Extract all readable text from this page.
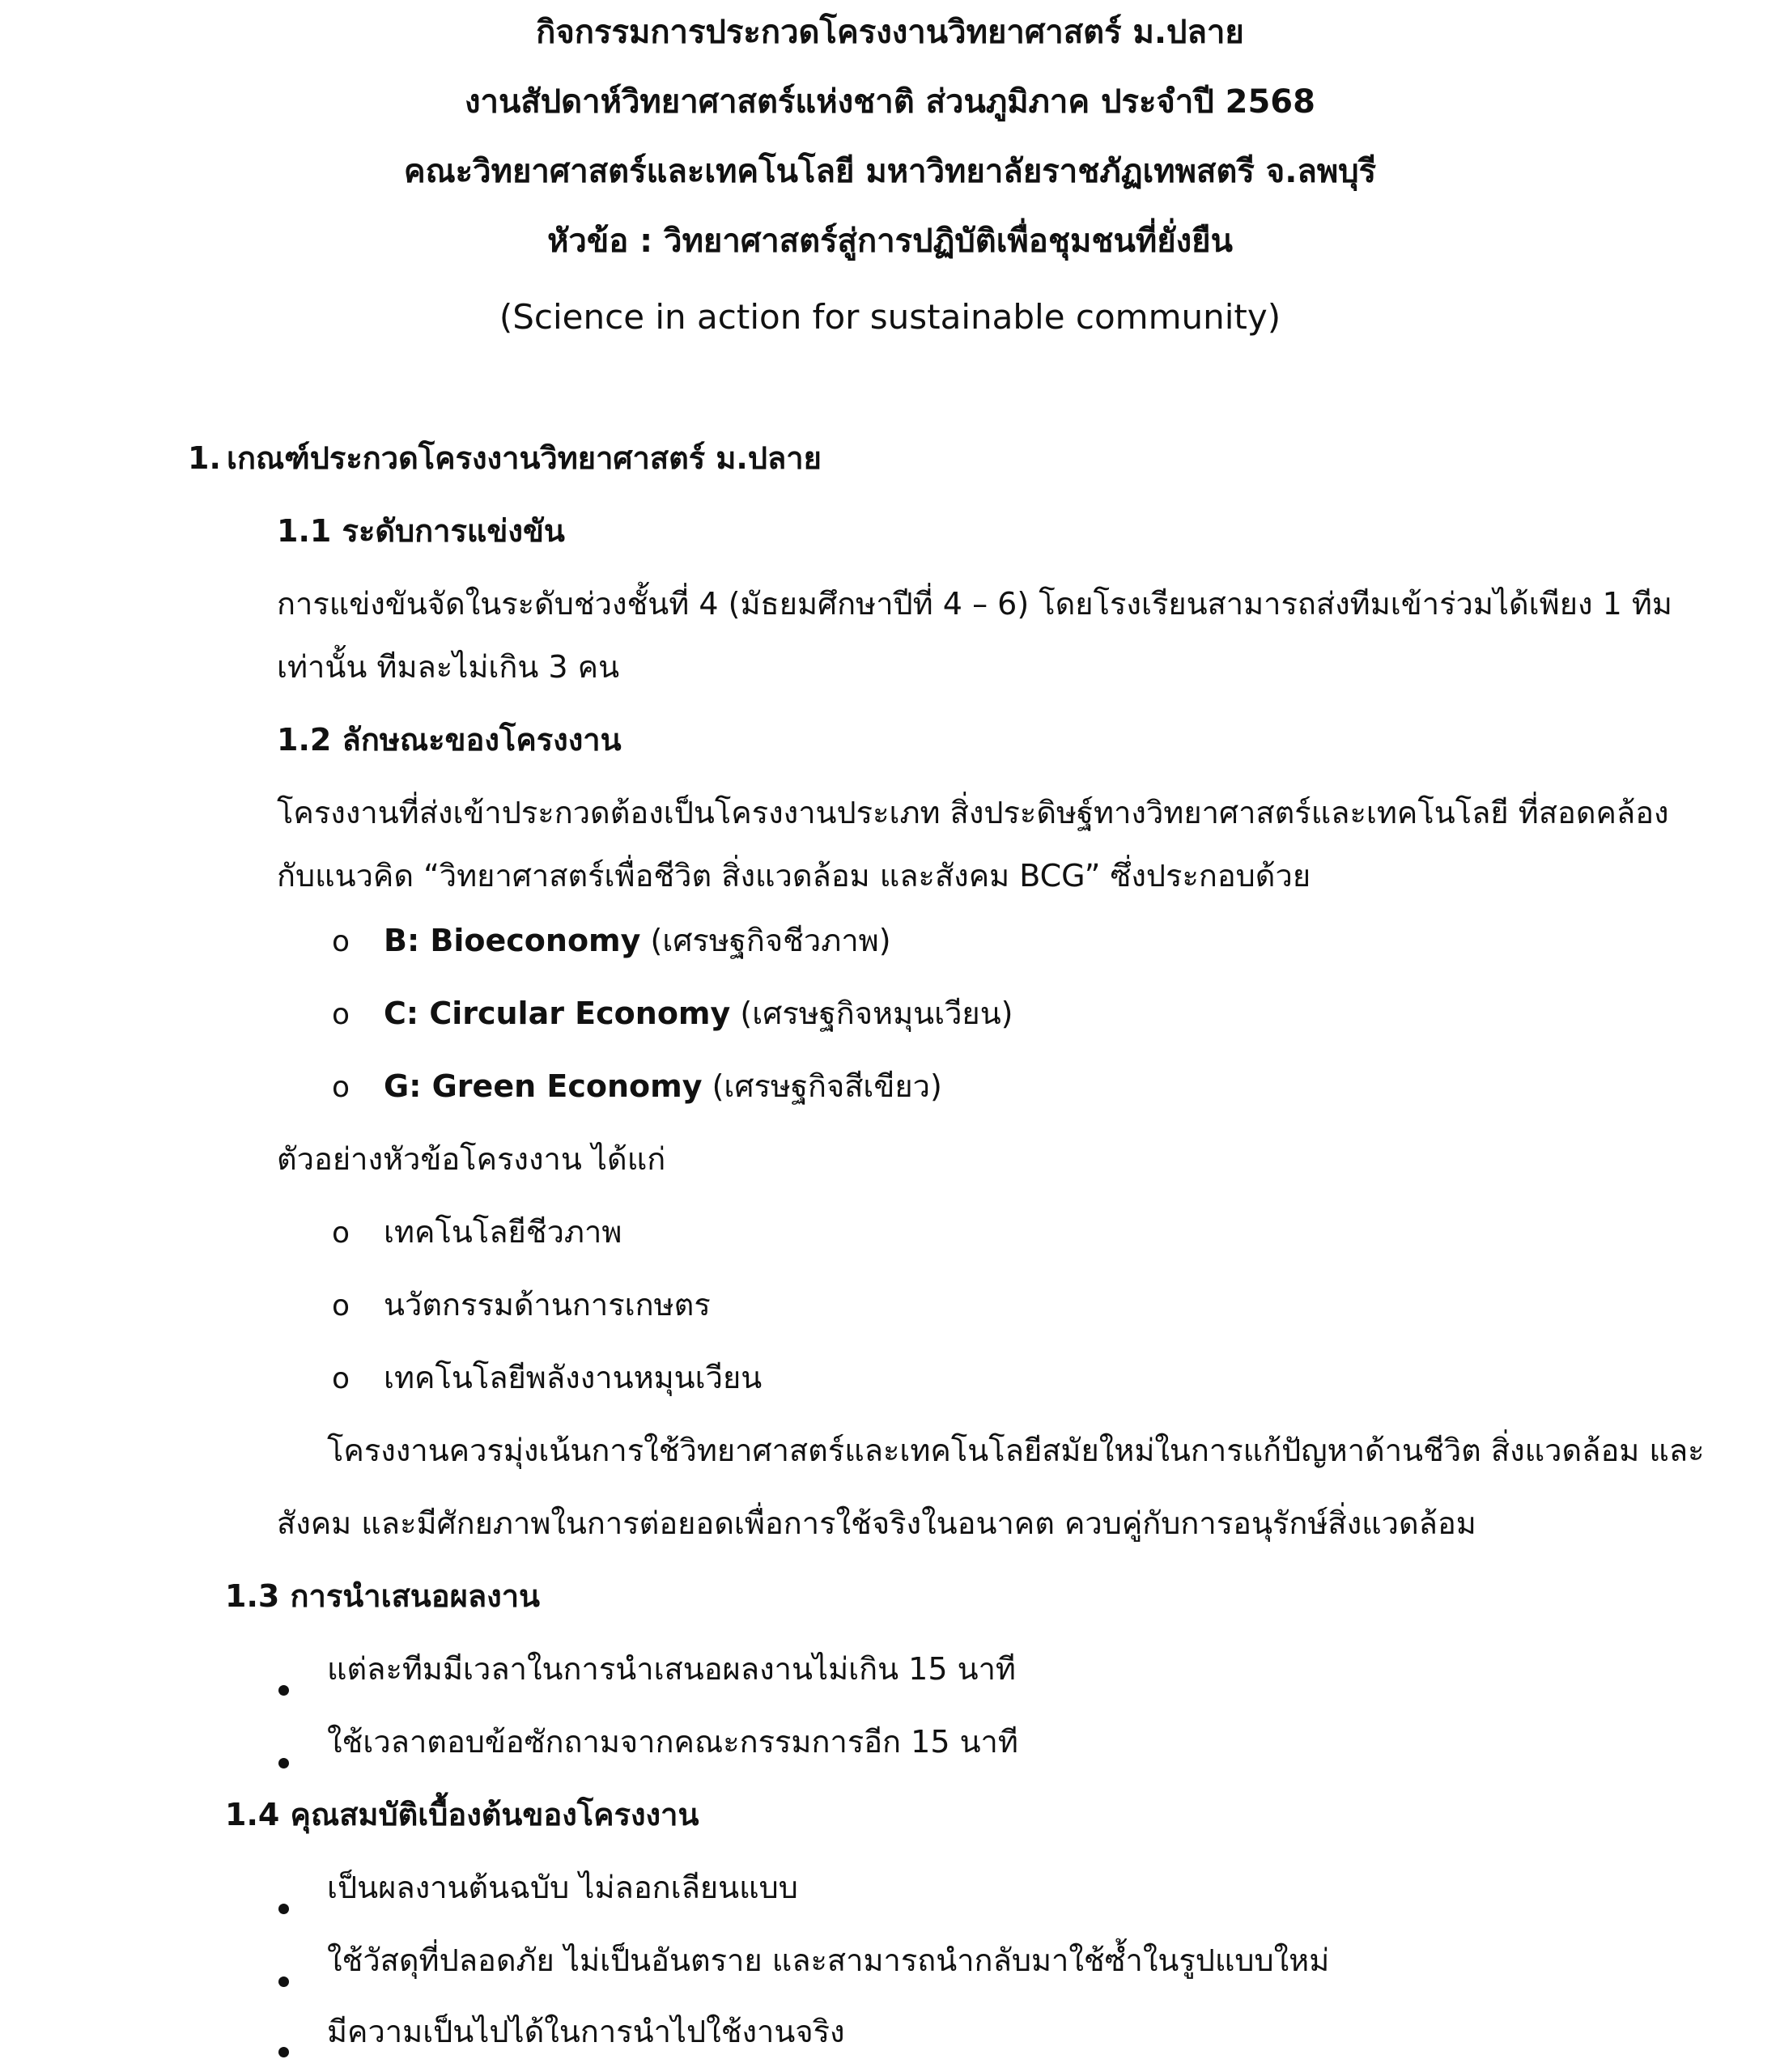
กิจกรรมการประกวดโครงงานวิทยาศาสตร์ ม.ปลาย
งานสัปดาห์วิทยาศาสตร์แห่งชาติ ส่วนภูมิภาค ประจำปี 2568
คณะวิทยาศาสตร์และเทคโนโลยี มหาวิทยาลัยราชภัฏเทพสตรี จ.ลพบุรี
หัวข้อ : วิทยาศาสตร์สู่การปฏิบัติเพื่อชุมชนที่ยั่งยืน
(Science in action for sustainable community)
1. เกณฑ์ประกวดโครงงานวิทยาศาสตร์ ม.ปลาย
1.1 ระดับการแข่งขัน
การแข่งขันจัดในระดับช่วงชั้นที่ 4 (มัธยมศึกษาปีที่ 4 – 6) โดยโรงเรียนสามารถส่งทีมเข้าร่วมได้เพียง 1 ทีม
เท่านั้น ทีมละไม่เกิน 3 คน
1.2 ลักษณะของโครงงาน
โครงงานที่ส่งเข้าประกวดต้องเป็นโครงงานประเภท สิ่งประดิษฐ์ทางวิทยาศาสตร์และเทคโนโลยี ที่สอดคล้อง
กับแนวคิด “วิทยาศาสตร์เพื่อชีวิต สิ่งแวดล้อม และสังคม BCG” ซึ่งประกอบด้วย
o B: Bioeconomy (เศรษฐกิจชีวภาพ)
o C: Circular Economy (เศรษฐกิจหมุนเวียน)
o G: Green Economy (เศรษฐกิจสีเขียว)
ตัวอย่างหัวข้อโครงงาน ได้แก่
o เทคโนโลยีชีวภาพ
o นวัตกรรมด้านการเกษตร
o เทคโนโลยีพลังงานหมุนเวียน
โครงงานควรมุ่งเน้นการใช้วิทยาศาสตร์และเทคโนโลยีสมัยใหม่ในการแก้ปัญหาด้านชีวิต สิ่งแวดล้อม และ
สังคม และมีศักยภาพในการต่อยอดเพื่อการใช้จริงในอนาคต ควบคู่กับการอนุรักษ์สิ่งแวดล้อม
1.3 การนำเสนอผลงาน
แต่ละทีมมีเวลาในการนำเสนอผลงานไม่เกิน 15 นาที
ใช้เวลาตอบข้อซักถามจากคณะกรรมการอีก 15 นาที
1.4 คุณสมบัติเบื้องต้นของโครงงาน
เป็นผลงานต้นฉบับ ไม่ลอกเลียนแบบ
ใช้วัสดุที่ปลอดภัย ไม่เป็นอันตราย และสามารถนำกลับมาใช้ซ้ำในรูปแบบใหม่
มีความเป็นไปได้ในการนำไปใช้งานจริง
